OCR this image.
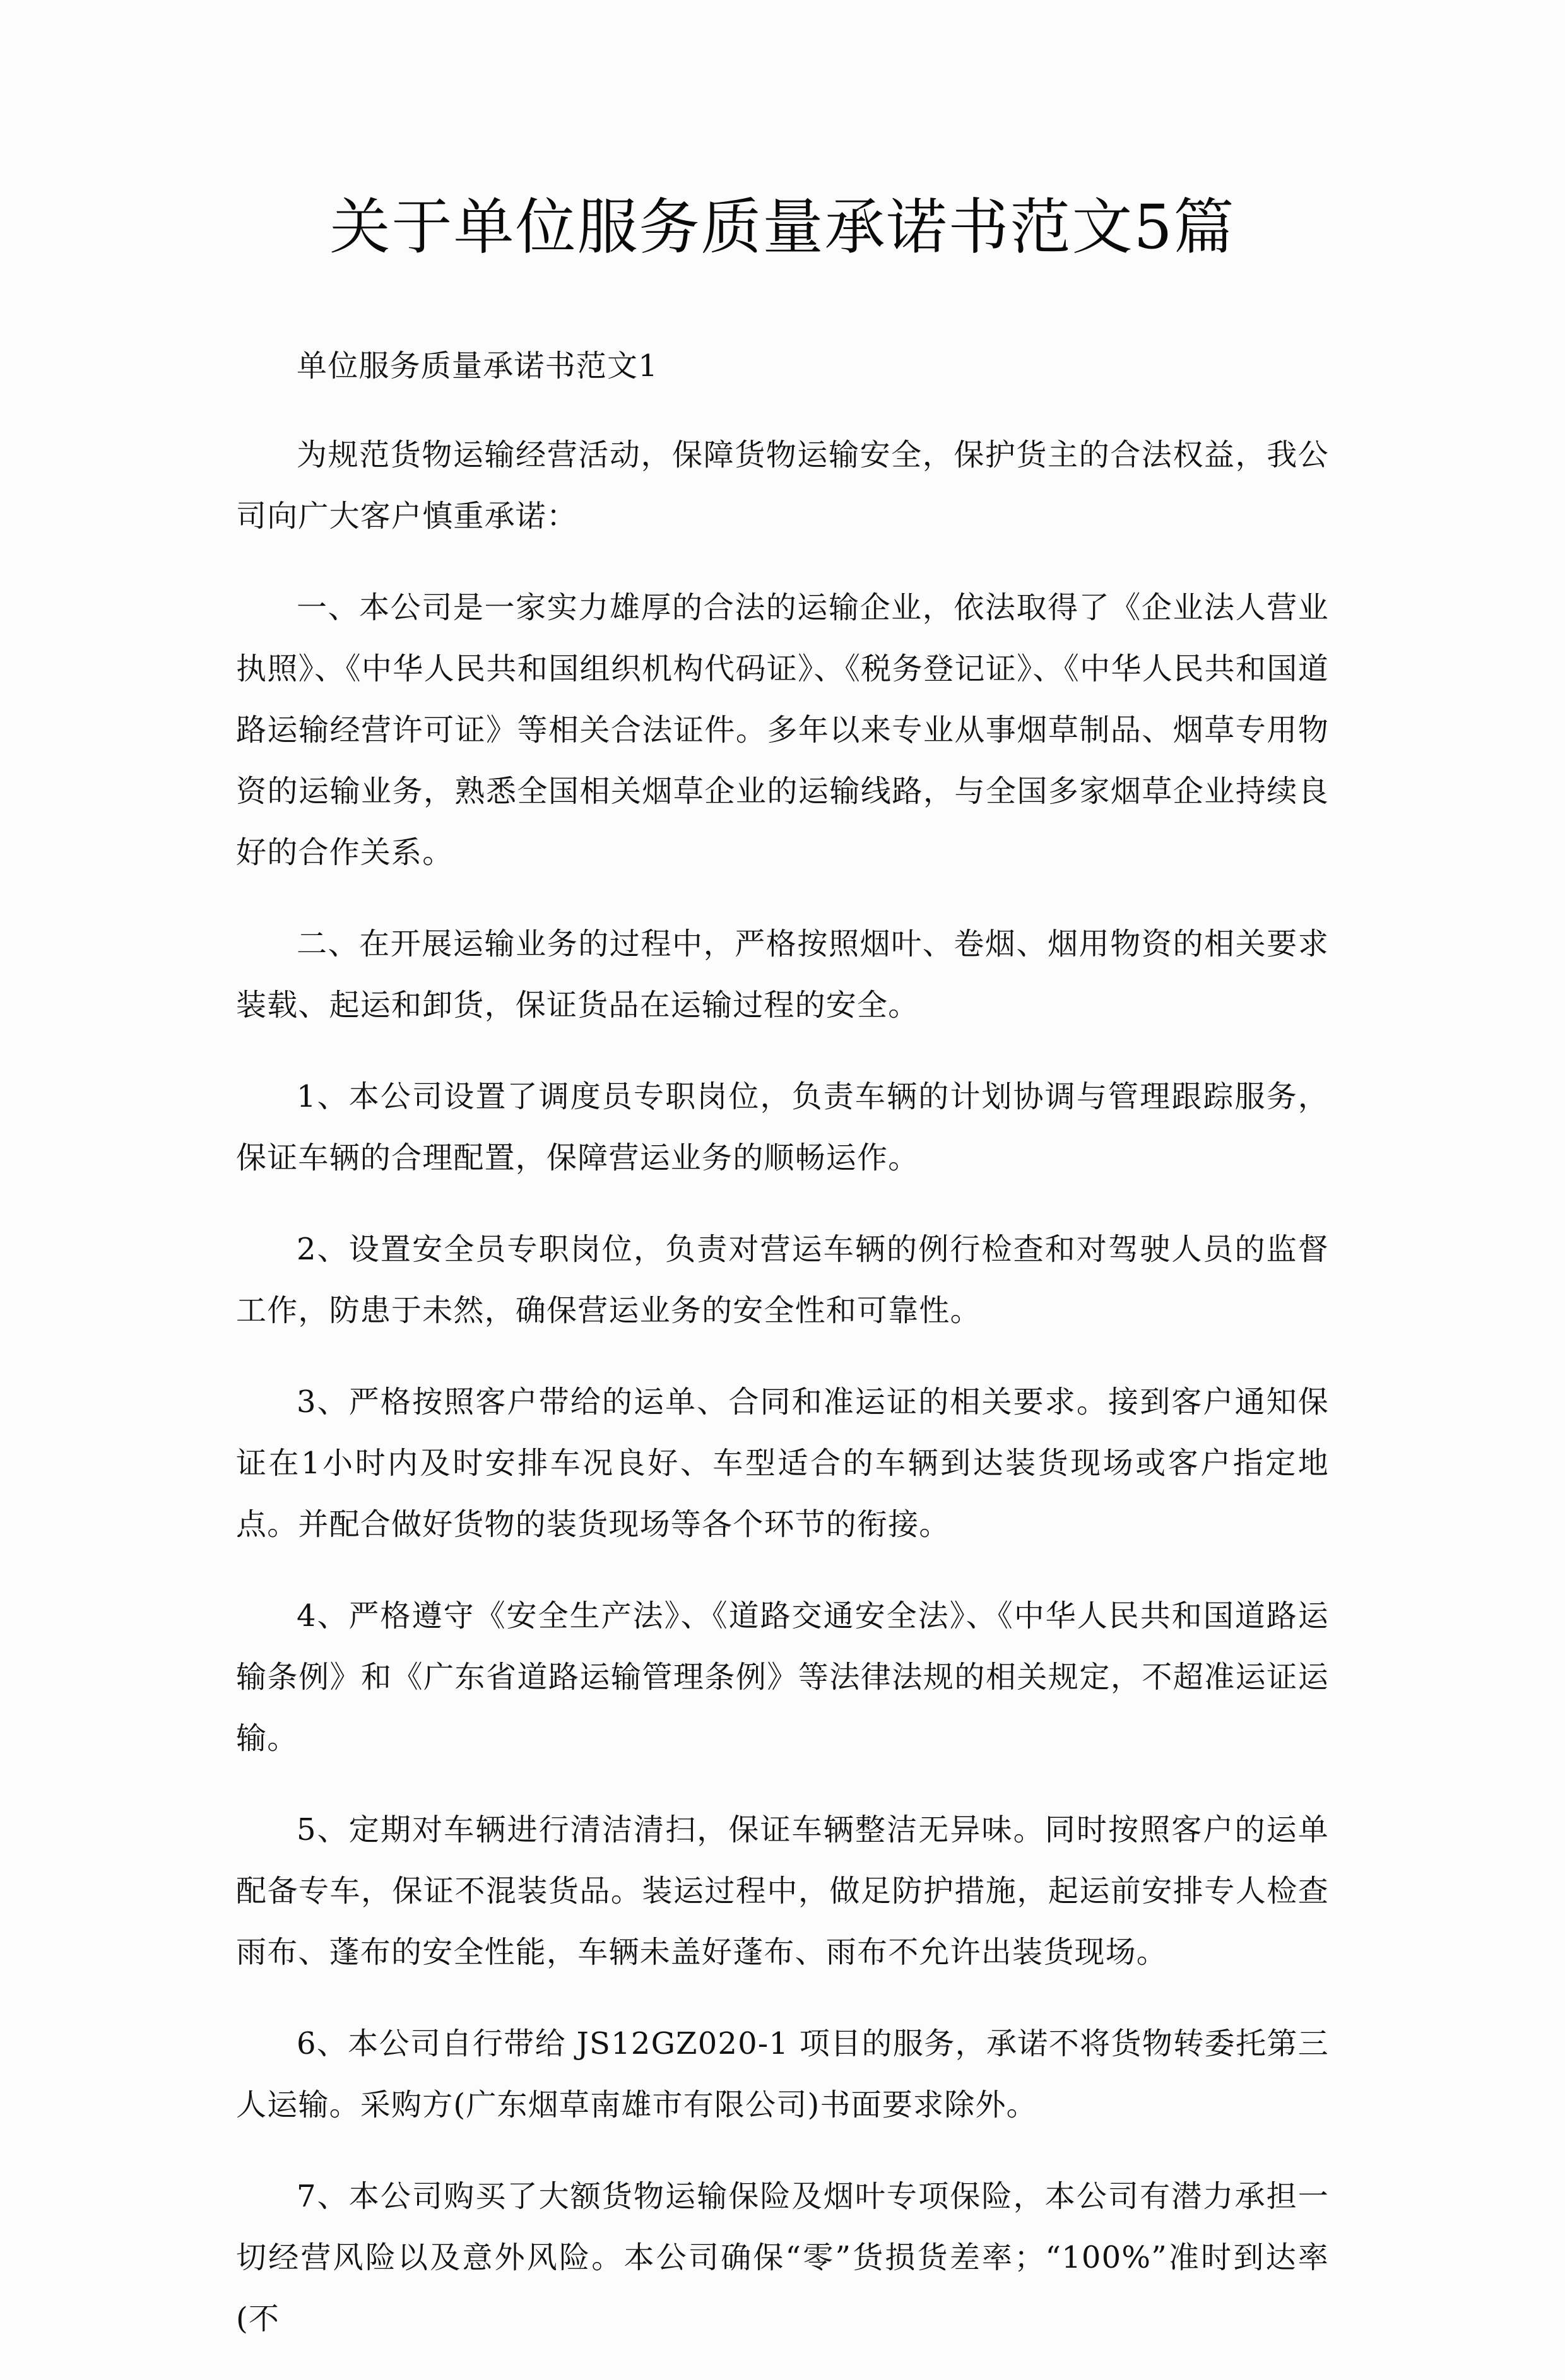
关于单位服务质量承诺书范文5篇

单位服务质量承诺书范文1

为规范货物运输经营活动，保障货物运输安全，保护货主的合法权益，我公司向广大客户慎重承诺：

一、本公司是一家实力雄厚的合法的运输企业，依法取得了《企业法人营业执照》、《中华人民共和国组织机构代码证》、《税务登记证》、《中华人民共和国道路运输经营许可证》等相关合法证件。多年以来专业从事烟草制品、烟草专用物资的运输业务，熟悉全国相关烟草企业的运输线路，与全国多家烟草企业持续良好的合作关系。

二、在开展运输业务的过程中，严格按照烟叶、卷烟、烟用物资的相关要求装载、起运和卸货，保证货品在运输过程的安全。

1、本公司设置了调度员专职岗位，负责车辆的计划协调与管理跟踪服务，保证车辆的合理配置，保障营运业务的顺畅运作。

2、设置安全员专职岗位，负责对营运车辆的例行检查和对驾驶人员的监督工作，防患于未然，确保营运业务的安全性和可靠性。

3、严格按照客户带给的运单、合同和准运证的相关要求。接到客户通知保证在1小时内及时安排车况良好、车型适合的车辆到达装货现场或客户指定地点。并配合做好货物的装货现场等各个环节的衔接。

4、严格遵守《安全生产法》、《道路交通安全法》、《中华人民共和国道路运输条例》和《广东省道路运输管理条例》等法律法规的相关规定，不超准运证运输。

5、定期对车辆进行清洁清扫，保证车辆整洁无异味。同时按照客户的运单配备专车，保证不混装货品。装运过程中，做足防护措施，起运前安排专人检查雨布、蓬布的安全性能，车辆未盖好蓬布、雨布不允许出装货现场。

6、本公司自行带给 JS12GZ020-1 项目的服务，承诺不将货物转委托第三人运输。采购方(广东烟草南雄市有限公司)书面要求除外。

7、本公司购买了大额货物运输保险及烟叶专项保险，本公司有潜力承担一切经营风险以及意外风险。本公司确保“零”货损货差率；“100%”准时到达率(不
